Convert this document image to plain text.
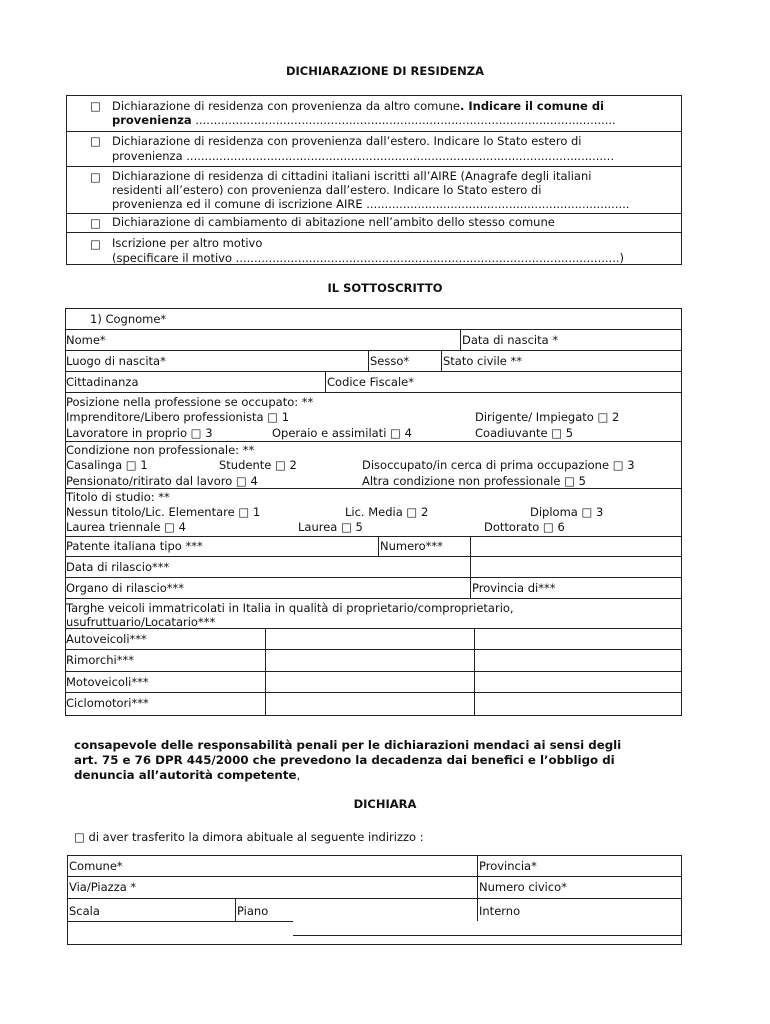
DICHIARAZIONE DI RESIDENZA
□ Dichiarazione di residenza con provenienza da altro comune. Indicare il comune di
provenienza ...................................................................................................................
□ Dichiarazione di residenza con provenienza dall’estero. Indicare lo Stato estero di
provenienza .....................................................................................................................
□ Dichiarazione di residenza di cittadini italiani iscritti all’AIRE (Anagrafe degli italiani
residenti all’estero) con provenienza dall’estero. Indicare lo Stato estero di
provenienza ed il comune di iscrizione AIRE ........................................................................
□ Dichiarazione di cambiamento di abitazione nell’ambito dello stesso comune
□ Iscrizione per altro motivo
(specificare il motivo .........................................................................................................)
IL SOTTOSCRITTO
1) Cognome*
Nome*	Data di nascita *
Luogo di nascita*	Sesso*	Stato civile **
Cittadinanza	Codice Fiscale*
Posizione nella professione se occupato: **
Imprenditore/Libero professionista □ 1	Dirigente/ Impiegato □ 2
Lavoratore in proprio □ 3	Operaio e assimilati □ 4	Coadiuvante □ 5
Condizione non professionale: **
Casalinga □ 1	Studente □ 2	Disoccupato/in cerca di prima occupazione □ 3
Pensionato/ritirato dal lavoro □ 4	Altra condizione non professionale □ 5
Titolo di studio: **
Nessun titolo/Lic. Elementare □ 1	Lic. Media □ 2	Diploma □ 3
Laurea triennale □ 4	Laurea □ 5	Dottorato □ 6
Patente italiana tipo ***	Numero***
Data di rilascio***
Organo di rilascio***	Provincia di***
Targhe veicoli immatricolati in Italia in qualità di proprietario/comproprietario,
usufruttuario/Locatario***
Autoveicoli***
Rimorchi***
Motoveicoli***
Ciclomotori***
consapevole delle responsabilità penali per le dichiarazioni mendaci ai sensi degli
art. 75 e 76 DPR 445/2000 che prevedono la decadenza dai benefici e l’obbligo di
denuncia all’autorità competente,
DICHIARA
□ di aver trasferito la dimora abituale al seguente indirizzo :
Comune*	Provincia*
Via/Piazza *	Numero civico*
Scala	Piano	Interno
